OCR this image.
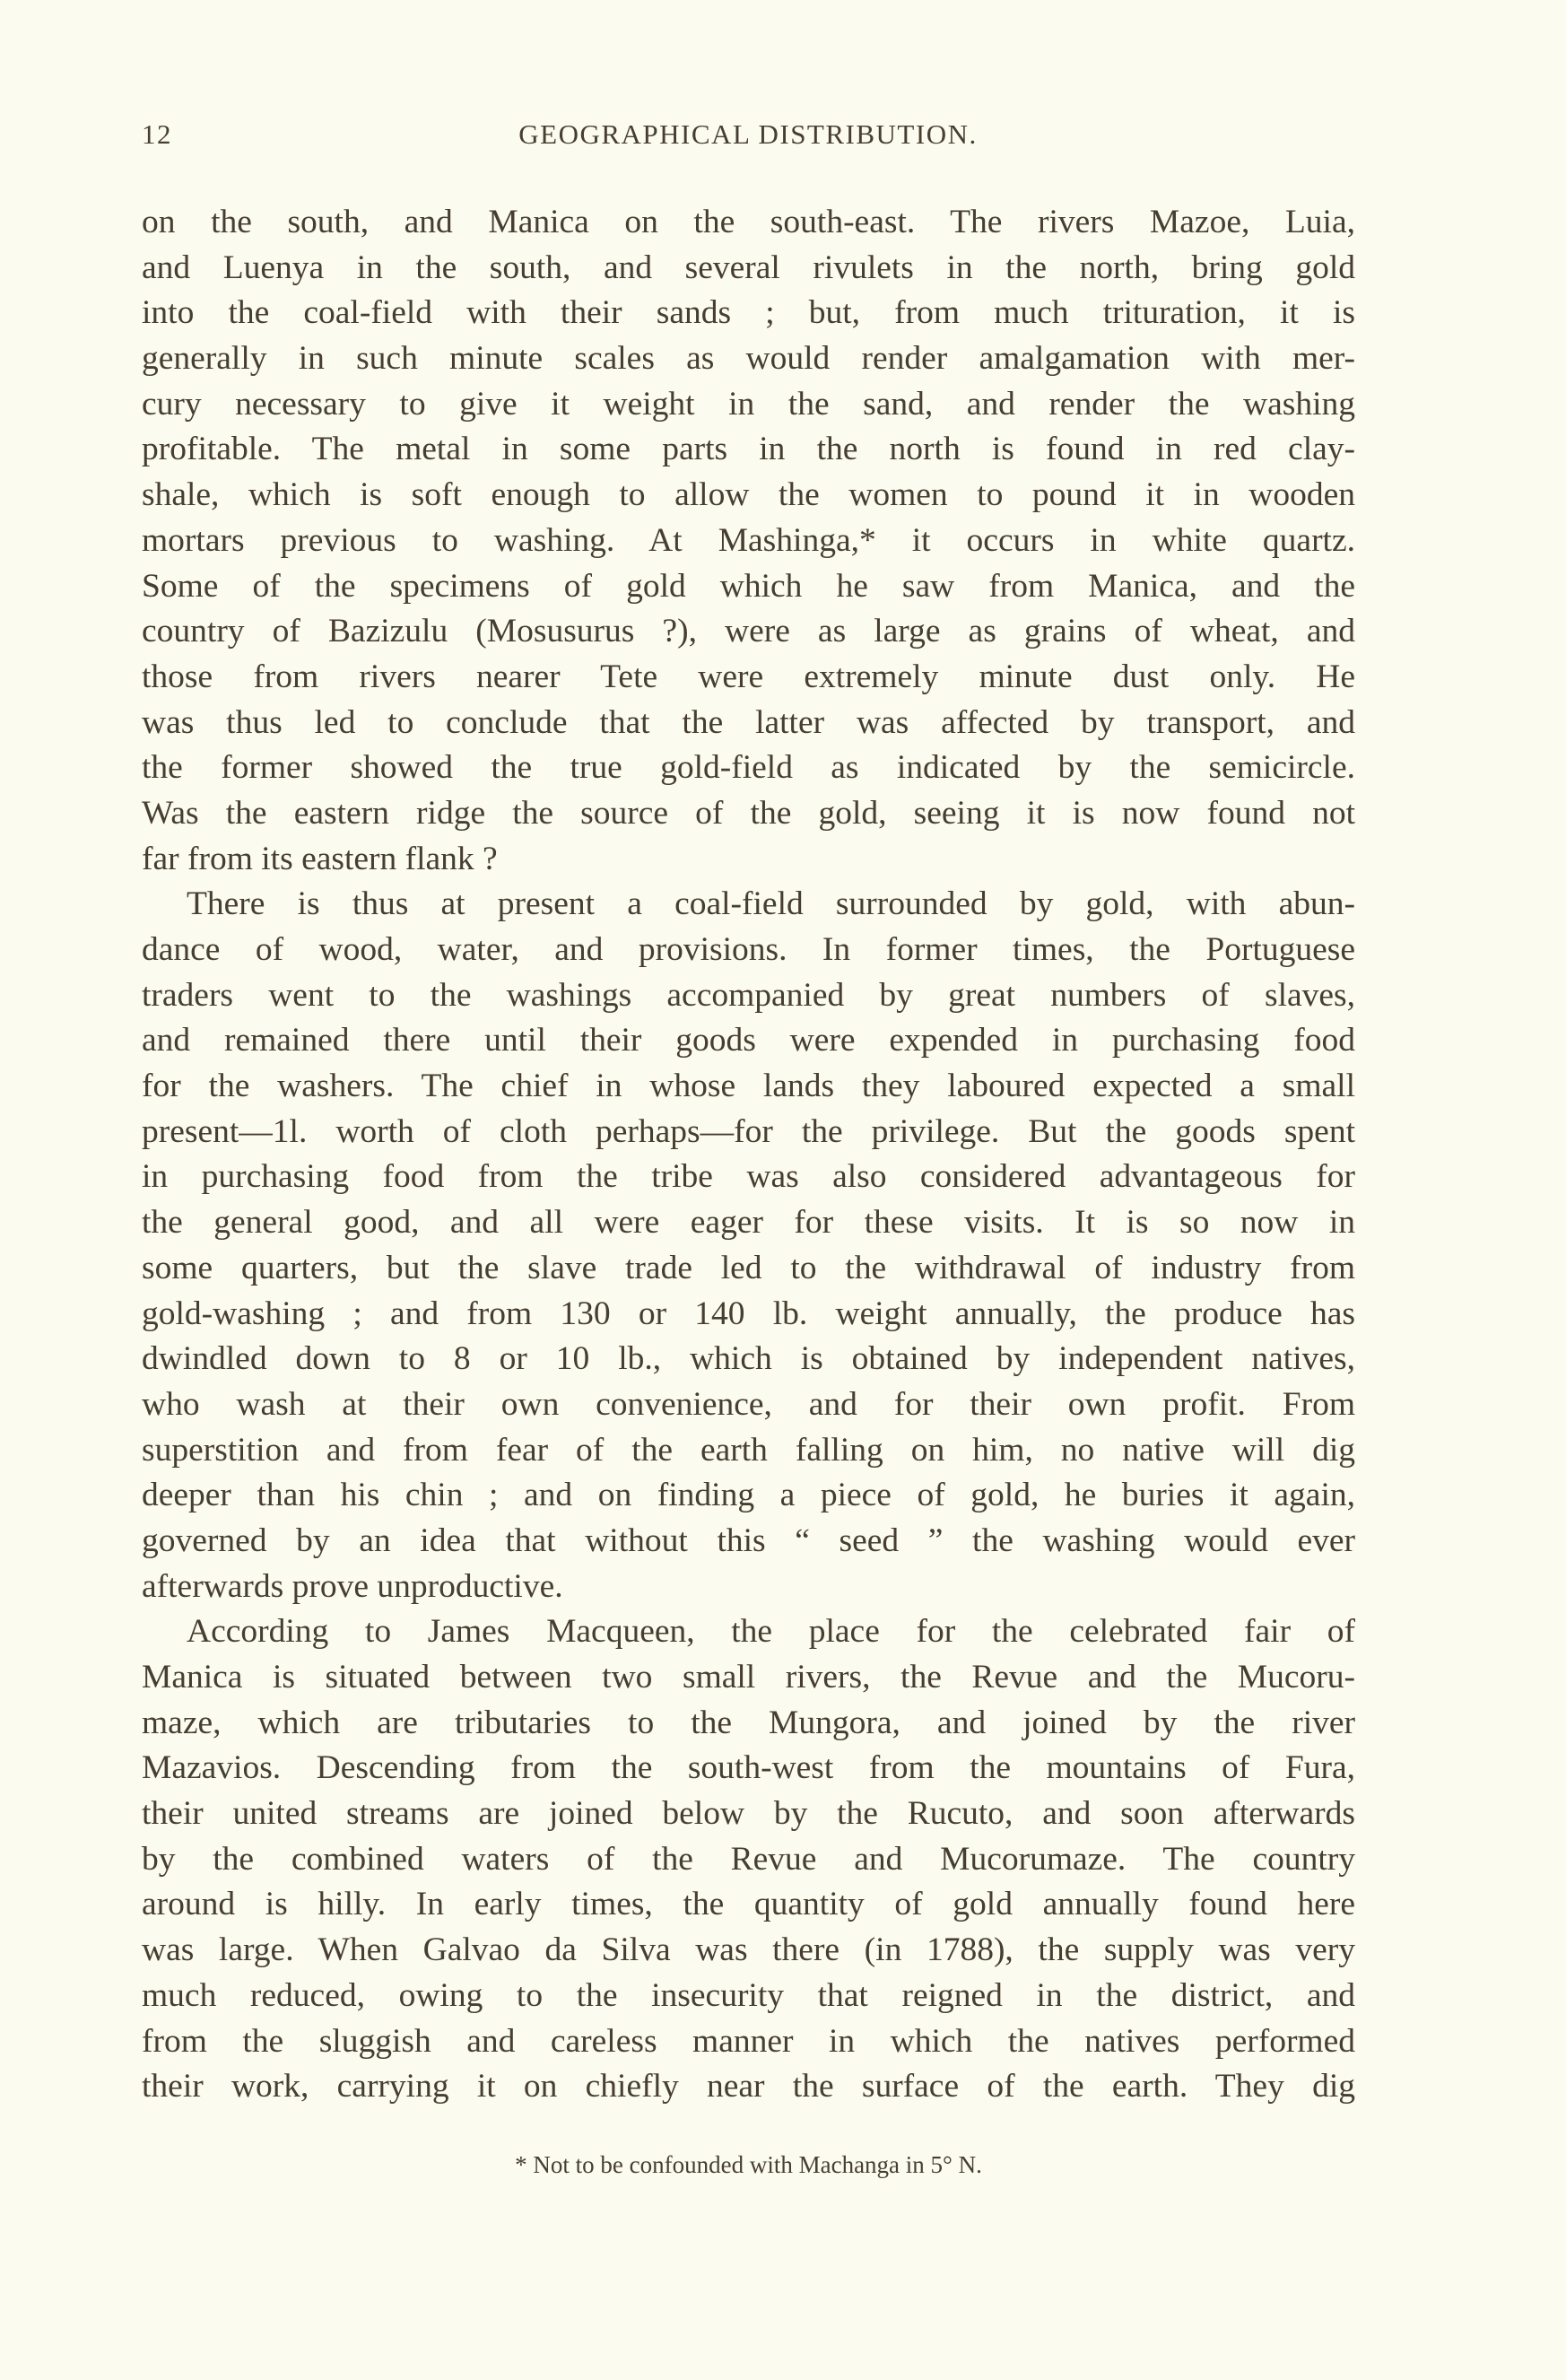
12	GEOGRAPHICAL DISTRIBUTION.
on the south, and Manica on the south-east. The rivers Mazoe, Luia,
and Luenya in the south, and several rivulets in the north, bring gold
into the coal-field with their sands ; but, from much trituration, it is
generally in such minute scales as would render amalgamation with mer-
cury necessary to give it weight in the sand, and render the washing
profitable. The metal in some parts in the north is found in red clay-
shale, which is soft enough to allow the women to pound it in wooden
mortars previous to washing. At Mashinga,* it occurs in white quartz.
Some of the specimens of gold which he saw from Manica, and the
country of Bazizulu (Mosusurus ?), were as large as grains of wheat, and
those from rivers nearer Tete were extremely minute dust only. He
was thus led to conclude that the latter was affected by transport, and
the former showed the true gold-field as indicated by the semicircle.
Was the eastern ridge the source of the gold, seeing it is now found not
far from its eastern flank ?
There is thus at present a coal-field surrounded by gold, with abun-
dance of wood, water, and provisions. In former times, the Portuguese
traders went to the washings accompanied by great numbers of slaves,
and remained there until their goods were expended in purchasing food
for the washers. The chief in whose lands they laboured expected a small
present—1l. worth of cloth perhaps—for the privilege. But the goods spent
in purchasing food from the tribe was also considered advantageous for
the general good, and all were eager for these visits. It is so now in
some quarters, but the slave trade led to the withdrawal of industry from
gold-washing ; and from 130 or 140 lb. weight annually, the produce has
dwindled down to 8 or 10 lb., which is obtained by independent natives,
who wash at their own convenience, and for their own profit. From
superstition and from fear of the earth falling on him, no native will dig
deeper than his chin ; and on finding a piece of gold, he buries it again,
governed by an idea that without this “ seed ” the washing would ever
afterwards prove unproductive.
According to James Macqueen, the place for the celebrated fair of
Manica is situated between two small rivers, the Revue and the Mucoru-
maze, which are tributaries to the Mungora, and joined by the river
Mazavios. Descending from the south-west from the mountains of Fura,
their united streams are joined below by the Rucuto, and soon afterwards
by the combined waters of the Revue and Mucorumaze. The country
around is hilly. In early times, the quantity of gold annually found here
was large. When Galvao da Silva was there (in 1788), the supply was very
much reduced, owing to the insecurity that reigned in the district, and
from the sluggish and careless manner in which the natives performed
their work, carrying it on chiefly near the surface of the earth. They dig
* Not to be confounded with Machanga in 5° N.
